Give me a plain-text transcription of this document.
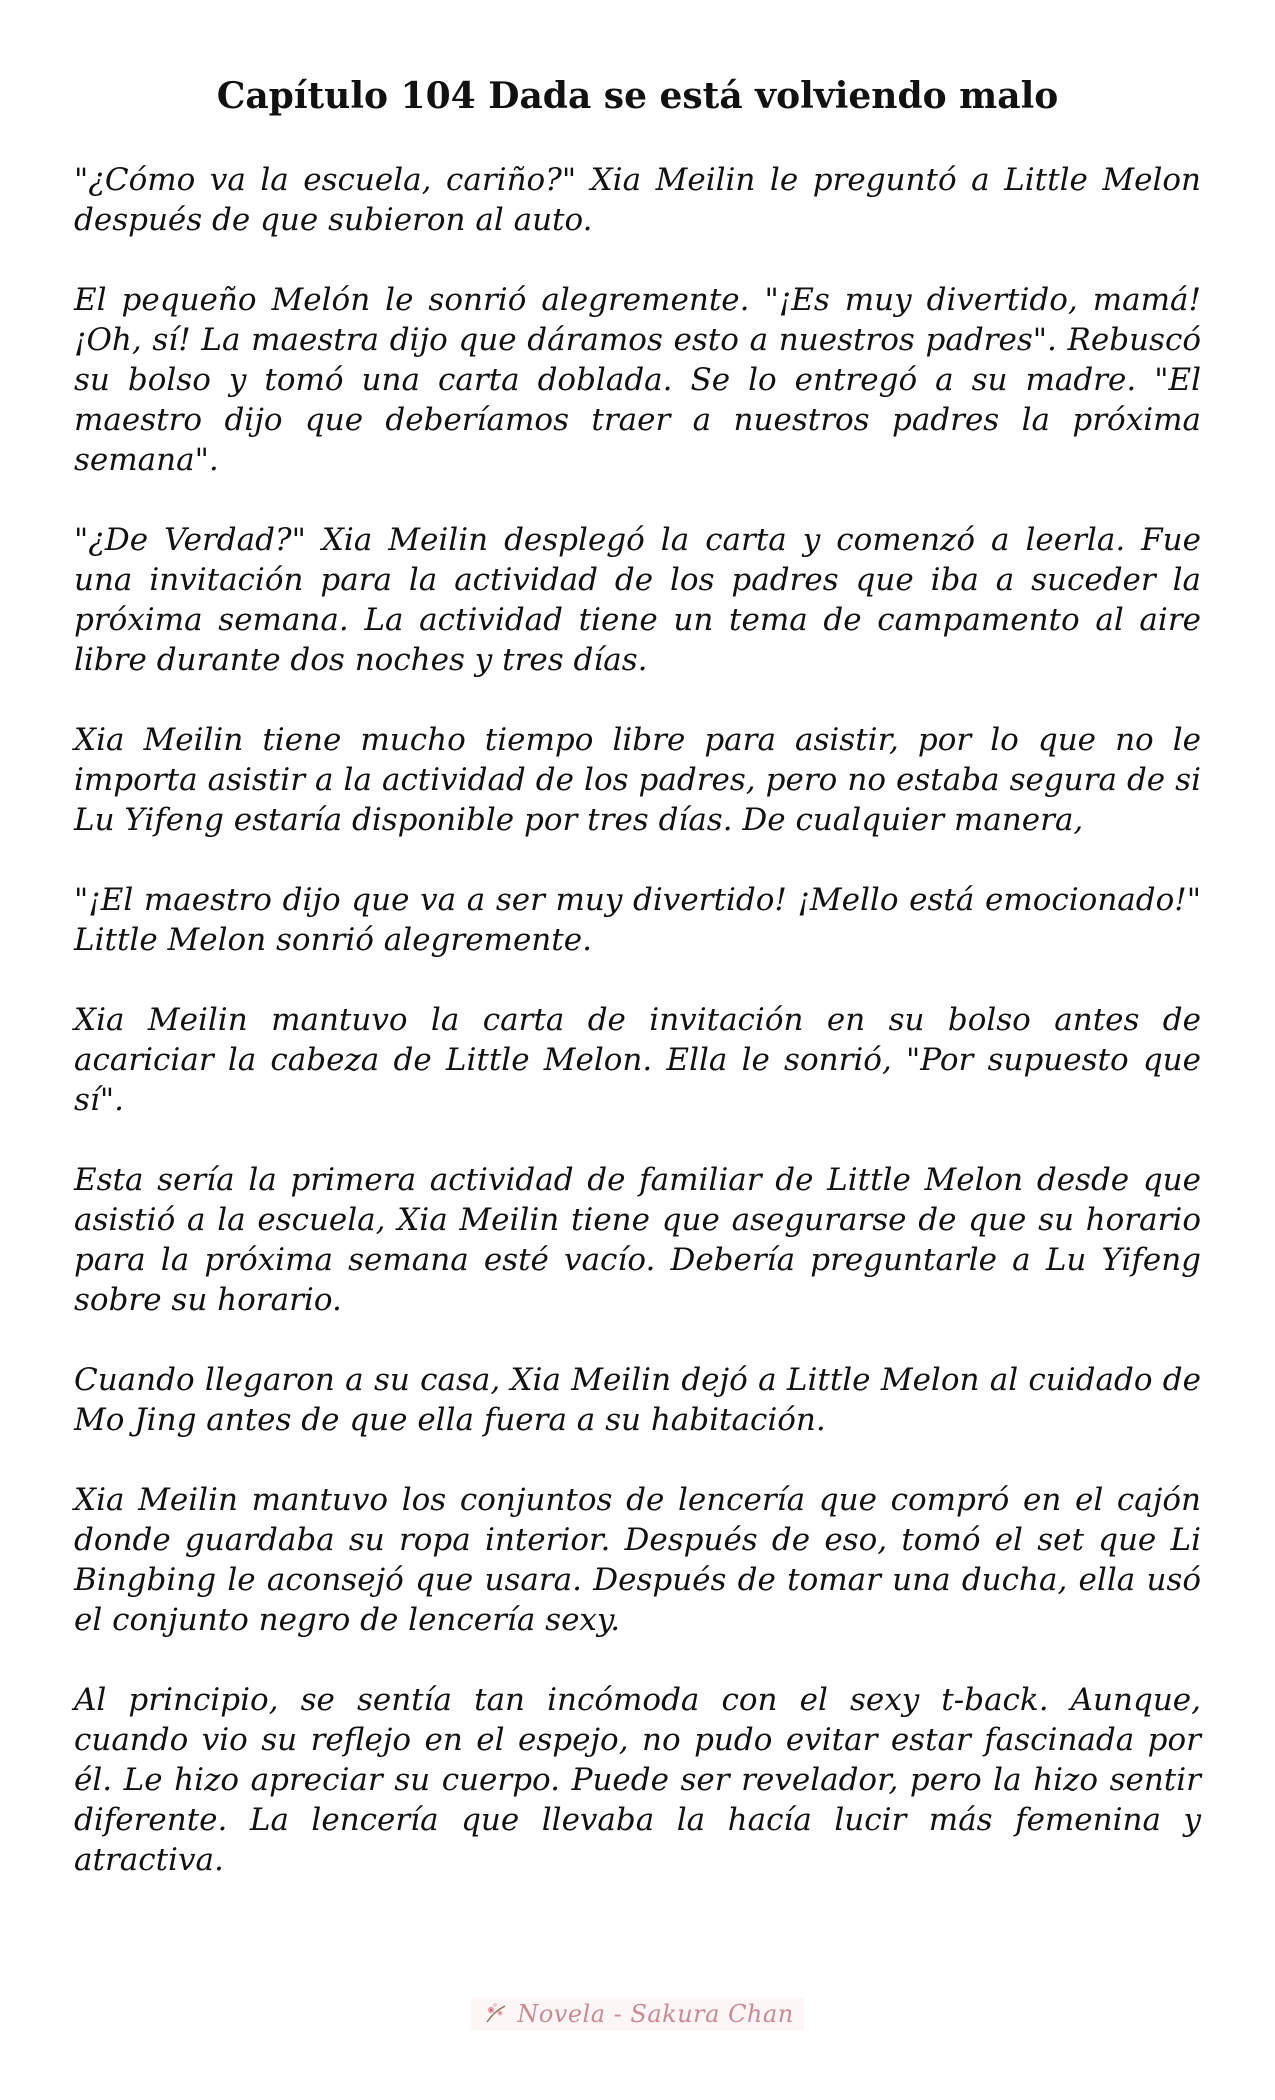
Capítulo 104 Dada se está volviendo malo

"¿Cómo va la escuela, cariño?" Xia Meilin le preguntó a Little Melon después de que subieron al auto.

El pequeño Melón le sonrió alegremente. "¡Es muy divertido, mamá! ¡Oh, sí! La maestra dijo que dáramos esto a nuestros padres". Rebuscó su bolso y tomó una carta doblada. Se lo entregó a su madre. "El maestro dijo que deberíamos traer a nuestros padres la próxima semana".

"¿De Verdad?" Xia Meilin desplegó la carta y comenzó a leerla. Fue una invitación para la actividad de los padres que iba a suceder la próxima semana. La actividad tiene un tema de campamento al aire libre durante dos noches y tres días.

Xia Meilin tiene mucho tiempo libre para asistir, por lo que no le importa asistir a la actividad de los padres, pero no estaba segura de si Lu Yifeng estaría disponible por tres días. De cualquier manera,

"¡El maestro dijo que va a ser muy divertido! ¡Mello está emocionado!" Little Melon sonrió alegremente.

Xia Meilin mantuvo la carta de invitación en su bolso antes de acariciar la cabeza de Little Melon. Ella le sonrió, "Por supuesto que sí".

Esta sería la primera actividad de familiar de Little Melon desde que asistió a la escuela, Xia Meilin tiene que asegurarse de que su horario para la próxima semana esté vacío. Debería preguntarle a Lu Yifeng sobre su horario.

Cuando llegaron a su casa, Xia Meilin dejó a Little Melon al cuidado de Mo Jing antes de que ella fuera a su habitación.

Xia Meilin mantuvo los conjuntos de lencería que compró en el cajón donde guardaba su ropa interior. Después de eso, tomó el set que Li Bingbing le aconsejó que usara. Después de tomar una ducha, ella usó el conjunto negro de lencería sexy.

Al principio, se sentía tan incómoda con el sexy t-back. Aunque, cuando vio su reflejo en el espejo, no pudo evitar estar fascinada por él. Le hizo apreciar su cuerpo. Puede ser revelador, pero la hizo sentir diferente. La lencería que llevaba la hacía lucir más femenina y atractiva.

Novela - Sakura Chan
